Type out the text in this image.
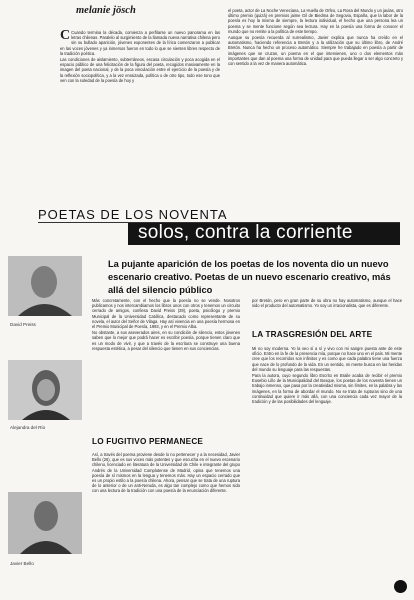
melanie jösch

C Cuando termina la década, comienza a perfilarse un nuevo panorama en las letras chilenas. Paralelo al surgimiento de la llamada nueva narrativa chilena pero sin su bullado aparición, jóvenes exponentes de la lírica comenzaron a publicar en las voces jóvenes y ya inmersos fueron en todo lo que se sienten libres respecto de la tradición poética.

Las condiciones de aislamiento, subterráneos, escasa circulación y poca acogida en el espacio público de una felicitación de la figura del poeta, recogidos masivamente en la imagen del poeta nacional, y de la poca vinculación entre el ejercicio de la poesía y de la reflexión sociopolítica, y a la vez enraizada, política o de otro tipo, todo ese tono que ven con la soledad de la poesía de hoy y

el poeta, actor de La Noche Veneciana, La Huella de Orfeo, La Rosa del Mundo y un jaulas, otro último premio (quizá) en premios jaime Gil de Biedma de Segovia, España, que la labor de la poesía es hoy la misma de siempre, la lectura individual, el hecho que una persona lea un poema y se mente funcione según sea lectura. Hay en la poesía una forma de conocer el mundo que no remite a la política de este tiempo.

Aunque su poesía recuerda al surrealismo, Javier explica que nunca ha creído en el automatismo, haciendo referencia a Bretón y a la utilización que su último libro, de André Bretón. Nunca ha hecho un proceso automático. Siempre he trabajado en poesía a partir de imágenes que se cruzan, un poema en el que intervienen, uno o dos elementos más importantes que dan al poema una forma de unidad para que pueda llegar a ser algo concreto y con sentido a la vez de manera automática.

POETAS DE LOS NOVENTA
solos, contra la corriente
La pujante aparición de los poetas de los noventa dio un nuevo escenario creativo. Poetas de un nuevo escenario creativo, más allá del silencio público
David Preiss
Alejandra del Río
Javier Bello

Más concretamente, con el hecho que la poesía no se vende. Nosotros publicamos y nos intercambiamos los libros unos con otros y tenemos un circuito cerrado de amigos, confiesa David Preiss (29), poeta, psicólogo y premio Municipal de la Universidad Católica, destacado como representante de su novela, el autor del Señor de Vilaga. Hay así vivencia en una poesía hermosa en el Premio Municipal de Poesía, 1993, y en el Premio Alba.

No obstante, a sus aseverados aires, en su condición de silencio, estos jóvenes saben que lo mejor que podrá hacer es escribir poesía, porque tienen claro que es un modo de vivir, y que a través de la escritura se construye una buena respuesta estética, a pesar del silencio que tienen en sus conciencias.

por Bretón, pero en gran parte de su obra no hay automatismo, aunque el hace sido el producto del automatismo. Yo soy un irracionalista, que es diferente.

LA TRASGRESIÓN DEL ARTE
LO FUGITIVO PERMANECE

Así, a través del poema proviene desde lo no pertenecer y a la necesidad, Javier Bello (26), que es sus voces más potentes y que escucha en el nuevo escenario chileno, licenciado en literatura de la Universidad de Chile e integrante del grupo Andrés de la Universidad Complutense de Madrid, opina que tenemos una poesía de sí mismos en la lengua y tenemos más. Hay un espacio cerrado que es un propio estilo a la poesía chilena. Ahora, pensar que se trata de una ruptura de lo anterior o de un anti-Neruda, es algo tan complejo como que hemos sido con una lectura de la tradición con una poesía de la enunciación diferente.

Mi no soy moderna. Yo la veo sí a sí y vivo con mi sangre puesta ante de este oficio. Entro en la fe de la presencia mía, porque no hace uno en el país. Mi mente cree que los recorridos son infinitos y es como que cada palabra tiene una fuerza que nace de lo profundo de la vida. En un sentido, mi mente busca en las heridas del mundo su lenguaje para las respuestas.

Para la autora, cuyo segundo libro Escrito en Braile acaba de recibir el premio Eusebio Lillo de la Municipalidad del Bosque, los poetas de los noventa tienen un trabajo inmenso, que pasa por la creatividad misma, sin límites, en la palabra y las imágenes, en la forma de abordar el mundo. No se trata de rupturas sino de una continuidad que quiere ir más allá, con una conciencia cada vez mayor de la tradición y de las posibilidades del lenguaje.
